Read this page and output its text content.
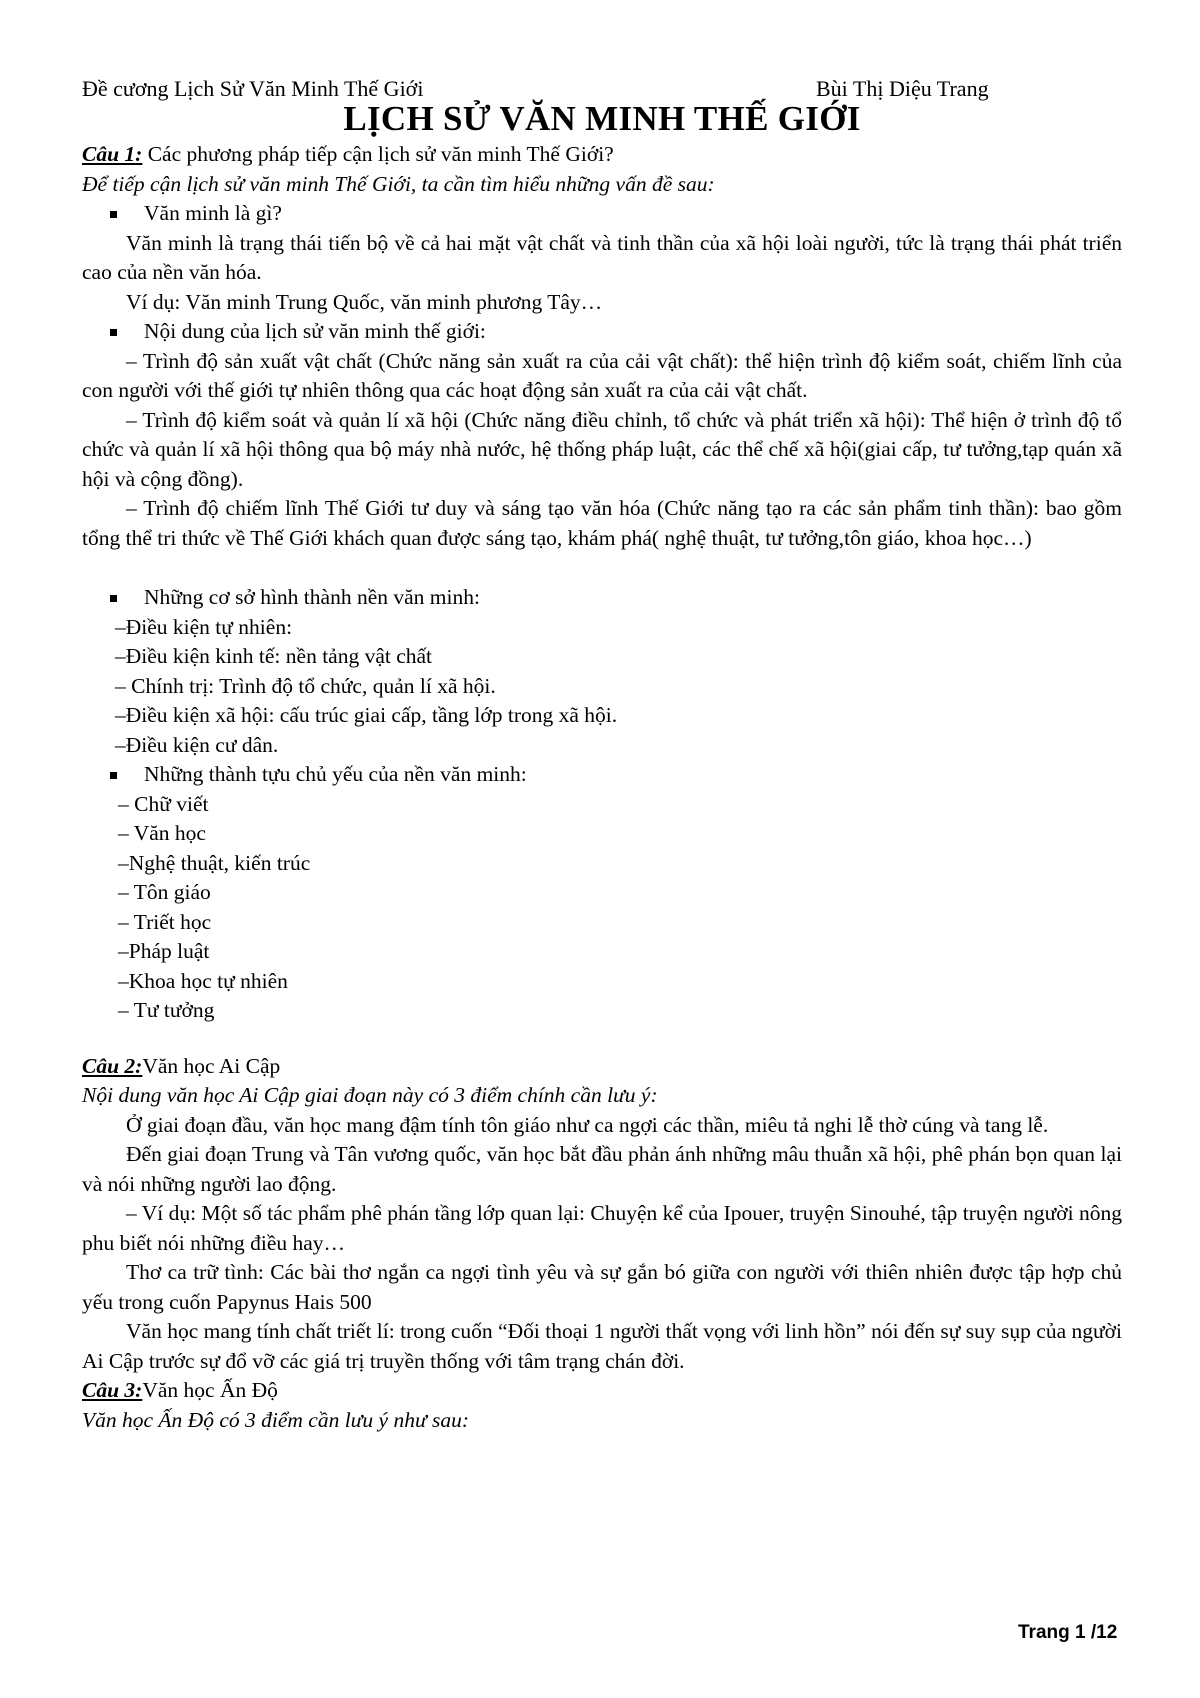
Đề cương Lịch Sử Văn Minh Thế Giới	Bùi Thị Diệu Trang
LỊCH SỬ VĂN MINH THẾ GIỚI

Câu 1: Các phương pháp tiếp cận lịch sử văn minh Thế Giới?

Để tiếp cận lịch sử văn minh Thế Giới, ta cần tìm hiểu những vấn đề sau:

Văn minh là gì?

Văn minh là trạng thái tiến bộ về cả hai mặt vật chất và tinh thần của xã hội loài người, tức là trạng thái phát triển cao của nền văn hóa.

Ví dụ: Văn minh Trung Quốc, văn minh phương Tây…

Nội dung của lịch sử văn minh thế giới:

– Trình độ sản xuất vật chất (Chức năng sản xuất ra của cải vật chất): thể hiện trình độ kiểm soát, chiếm lĩnh của con người với thế giới tự nhiên thông qua các hoạt động sản xuất ra của cải vật chất.

– Trình độ kiểm soát và quản lí xã hội (Chức năng điều chỉnh, tổ chức và phát triển xã hội): Thể hiện ở trình độ tổ chức và quản lí xã hội thông qua bộ máy nhà nước, hệ thống pháp luật, các thể chế xã hội(giai cấp, tư tưởng,tạp quán xã hội và cộng đồng).

– Trình độ chiếm lĩnh Thế Giới tư duy và sáng tạo văn hóa (Chức năng tạo ra các sản phẩm tinh thần): bao gồm tổng thể tri thức về Thế Giới khách quan được sáng tạo, khám phá( nghệ thuật, tư tưởng,tôn giáo, khoa học…)

Những cơ sở hình thành nền văn minh:

–Điều kiện tự nhiên:

–Điều kiện kinh tế: nền tảng vật chất

– Chính trị: Trình độ tổ chức, quản lí xã hội.

–Điều kiện xã hội: cấu trúc giai cấp, tầng lớp trong xã hội.

–Điều kiện cư dân.

Những thành tựu chủ yếu của nền văn minh:

– Chữ viết

– Văn học

–Nghệ thuật, kiến trúc

– Tôn giáo

– Triết học

–Pháp luật

–Khoa học tự nhiên

– Tư tưởng

Câu 2:Văn học Ai Cập

Nội dung văn học Ai Cập giai đoạn này có 3 điểm chính cần lưu ý:

Ở giai đoạn đầu, văn học mang đậm tính tôn giáo như ca ngợi các thần, miêu tả nghi lễ thờ cúng và tang lễ.

Đến giai đoạn Trung và Tân vương quốc, văn học bắt đầu phản ánh những mâu thuẫn xã hội, phê phán bọn quan lại và nói những người lao động.

– Ví dụ: Một số tác phẩm phê phán tầng lớp quan lại: Chuyện kể của Ipouer, truyện Sinouhé, tập truyện người nông phu biết nói những điều hay…

Thơ ca trữ tình: Các bài thơ ngắn ca ngợi tình yêu và sự gắn bó giữa con người với thiên nhiên được tập hợp chủ yếu trong cuốn Papynus Hais 500

Văn học mang tính chất triết lí: trong cuốn “Đối thoại 1 người thất vọng với linh hồn” nói đến sự suy sụp của người Ai Cập trước sự đổ vỡ các giá trị truyền thống với tâm trạng chán đời.

Câu 3:Văn học Ấn Độ

Văn học Ấn Độ có 3 điểm cần lưu ý như sau:

Trang 1 /12
